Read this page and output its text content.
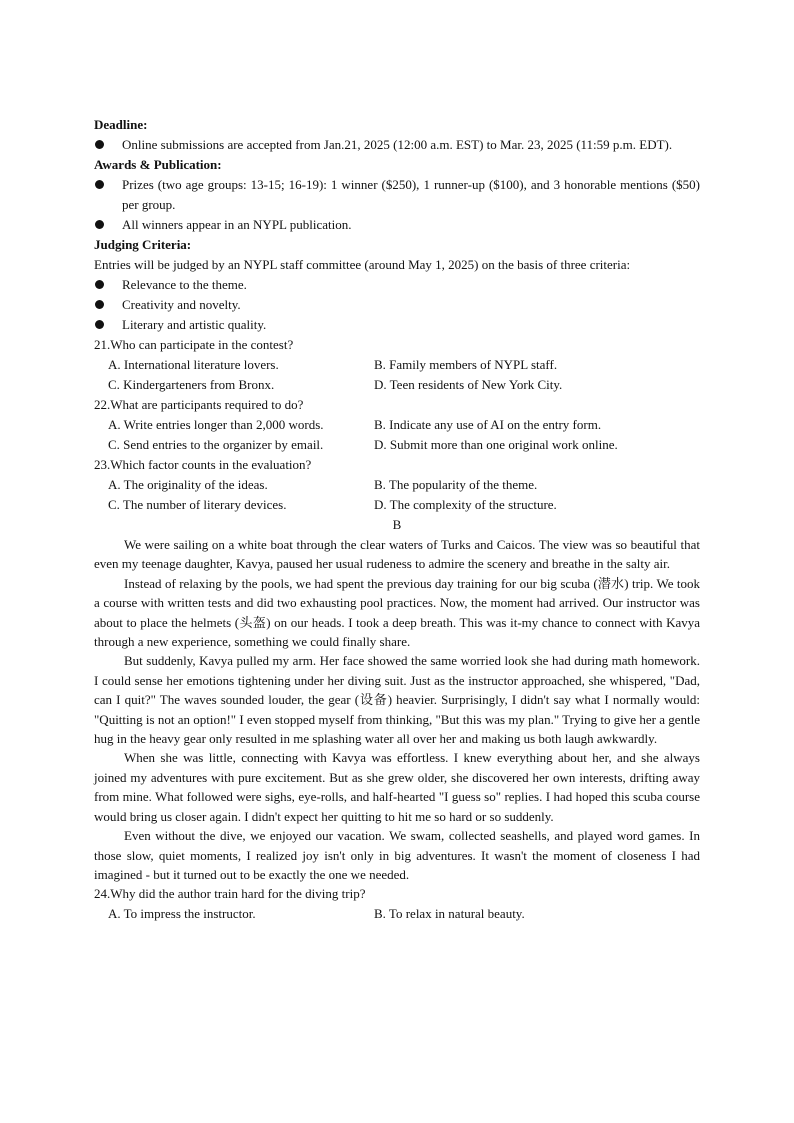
Deadline:
Online submissions are accepted from Jan.21, 2025 (12:00 a.m. EST) to Mar. 23, 2025 (11:59 p.m. EDT).
Awards & Publication:
Prizes (two age groups: 13-15; 16-19): 1 winner ($250), 1 runner-up ($100), and 3 honorable mentions ($50) per group.
All winners appear in an NYPL publication.
Judging Criteria:
Entries will be judged by an NYPL staff committee (around May 1, 2025) on the basis of three criteria:
Relevance to the theme.
Creativity and novelty.
Literary and artistic quality.
21.Who can participate in the contest?
A. International literature lovers.	B. Family members of NYPL staff.
C. Kindergarteners from Bronx.	D. Teen residents of New York City.
22.What are participants required to do?
A. Write entries longer than 2,000 words.	B. Indicate any use of AI on the entry form.
C. Send entries to the organizer by email.	D. Submit more than one original work online.
23.Which factor counts in the evaluation?
A. The originality of the ideas.	B. The popularity of the theme.
C. The number of literary devices.	D. The complexity of the structure.
B
We were sailing on a white boat through the clear waters of Turks and Caicos. The view was so beautiful that even my teenage daughter, Kavya, paused her usual rudeness to admire the scenery and breathe in the salty air.
Instead of relaxing by the pools, we had spent the previous day training for our big scuba (潜水) trip. We took a course with written tests and did two exhausting pool practices. Now, the moment had arrived. Our instructor was about to place the helmets (头盔) on our heads. I took a deep breath. This was it-my chance to connect with Kavya through a new experience, something we could finally share.
But suddenly, Kavya pulled my arm. Her face showed the same worried look she had during math homework. I could sense her emotions tightening under her diving suit. Just as the instructor approached, she whispered, "Dad, can I quit?" The waves sounded louder, the gear (设备) heavier. Surprisingly, I didn't say what I normally would: "Quitting is not an option!" I even stopped myself from thinking, "But this was my plan." Trying to give her a gentle hug in the heavy gear only resulted in me splashing water all over her and making us both laugh awkwardly.
When she was little, connecting with Kavya was effortless. I knew everything about her, and she always joined my adventures with pure excitement. But as she grew older, she discovered her own interests, drifting away from mine. What followed were sighs, eye-rolls, and half-hearted "I guess so" replies. I had hoped this scuba course would bring us closer again. I didn't expect her quitting to hit me so hard or so suddenly.
Even without the dive, we enjoyed our vacation. We swam, collected seashells, and played word games. In those slow, quiet moments, I realized joy isn't only in big adventures. It wasn't the moment of closeness I had imagined - but it turned out to be exactly the one we needed.
24.Why did the author train hard for the diving trip?
A. To impress the instructor.	B. To relax in natural beauty.
